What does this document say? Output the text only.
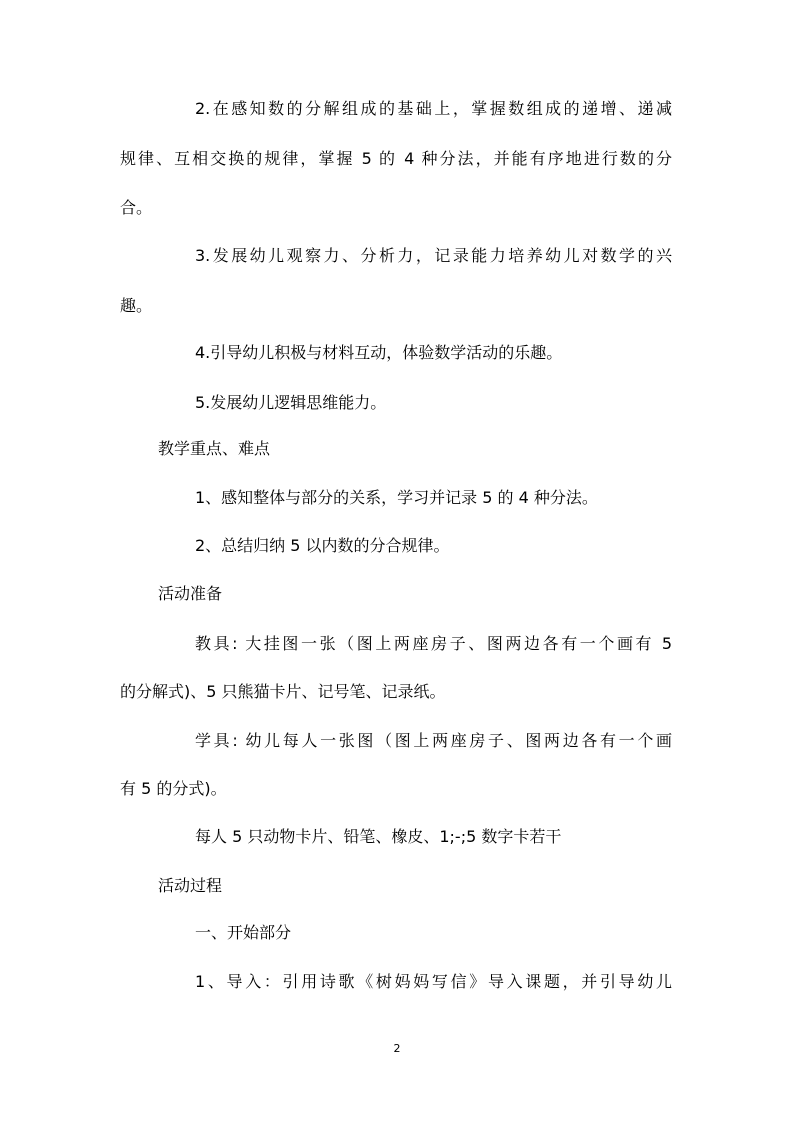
2.在感知数的分解组成的基础上，掌握数组成的递增、递减
规律、互相交换的规律，掌握 5 的 4 种分法，并能有序地进行数的分
合。
3.发展幼儿观察力、分析力，记录能力培养幼儿对数学的兴
趣。
4.引导幼儿积极与材料互动，体验数学活动的乐趣。
5.发展幼儿逻辑思维能力。
教学重点、难点
1、感知整体与部分的关系，学习并记录 5 的 4 种分法。
2、总结归纳 5 以内数的分合规律。
活动准备
教具: 大挂图一张（图上两座房子、图两边各有一个画有 5
的分解式)、5 只熊猫卡片、记号笔、记录纸。
学具: 幼儿每人一张图（图上两座房子、图两边各有一个画
有 5 的分式)。
每人 5 只动物卡片、铅笔、橡皮、1;-;5 数字卡若干
活动过程
一、开始部分
1、导入：引用诗歌《树妈妈写信》导入课题，并引导幼儿
2
